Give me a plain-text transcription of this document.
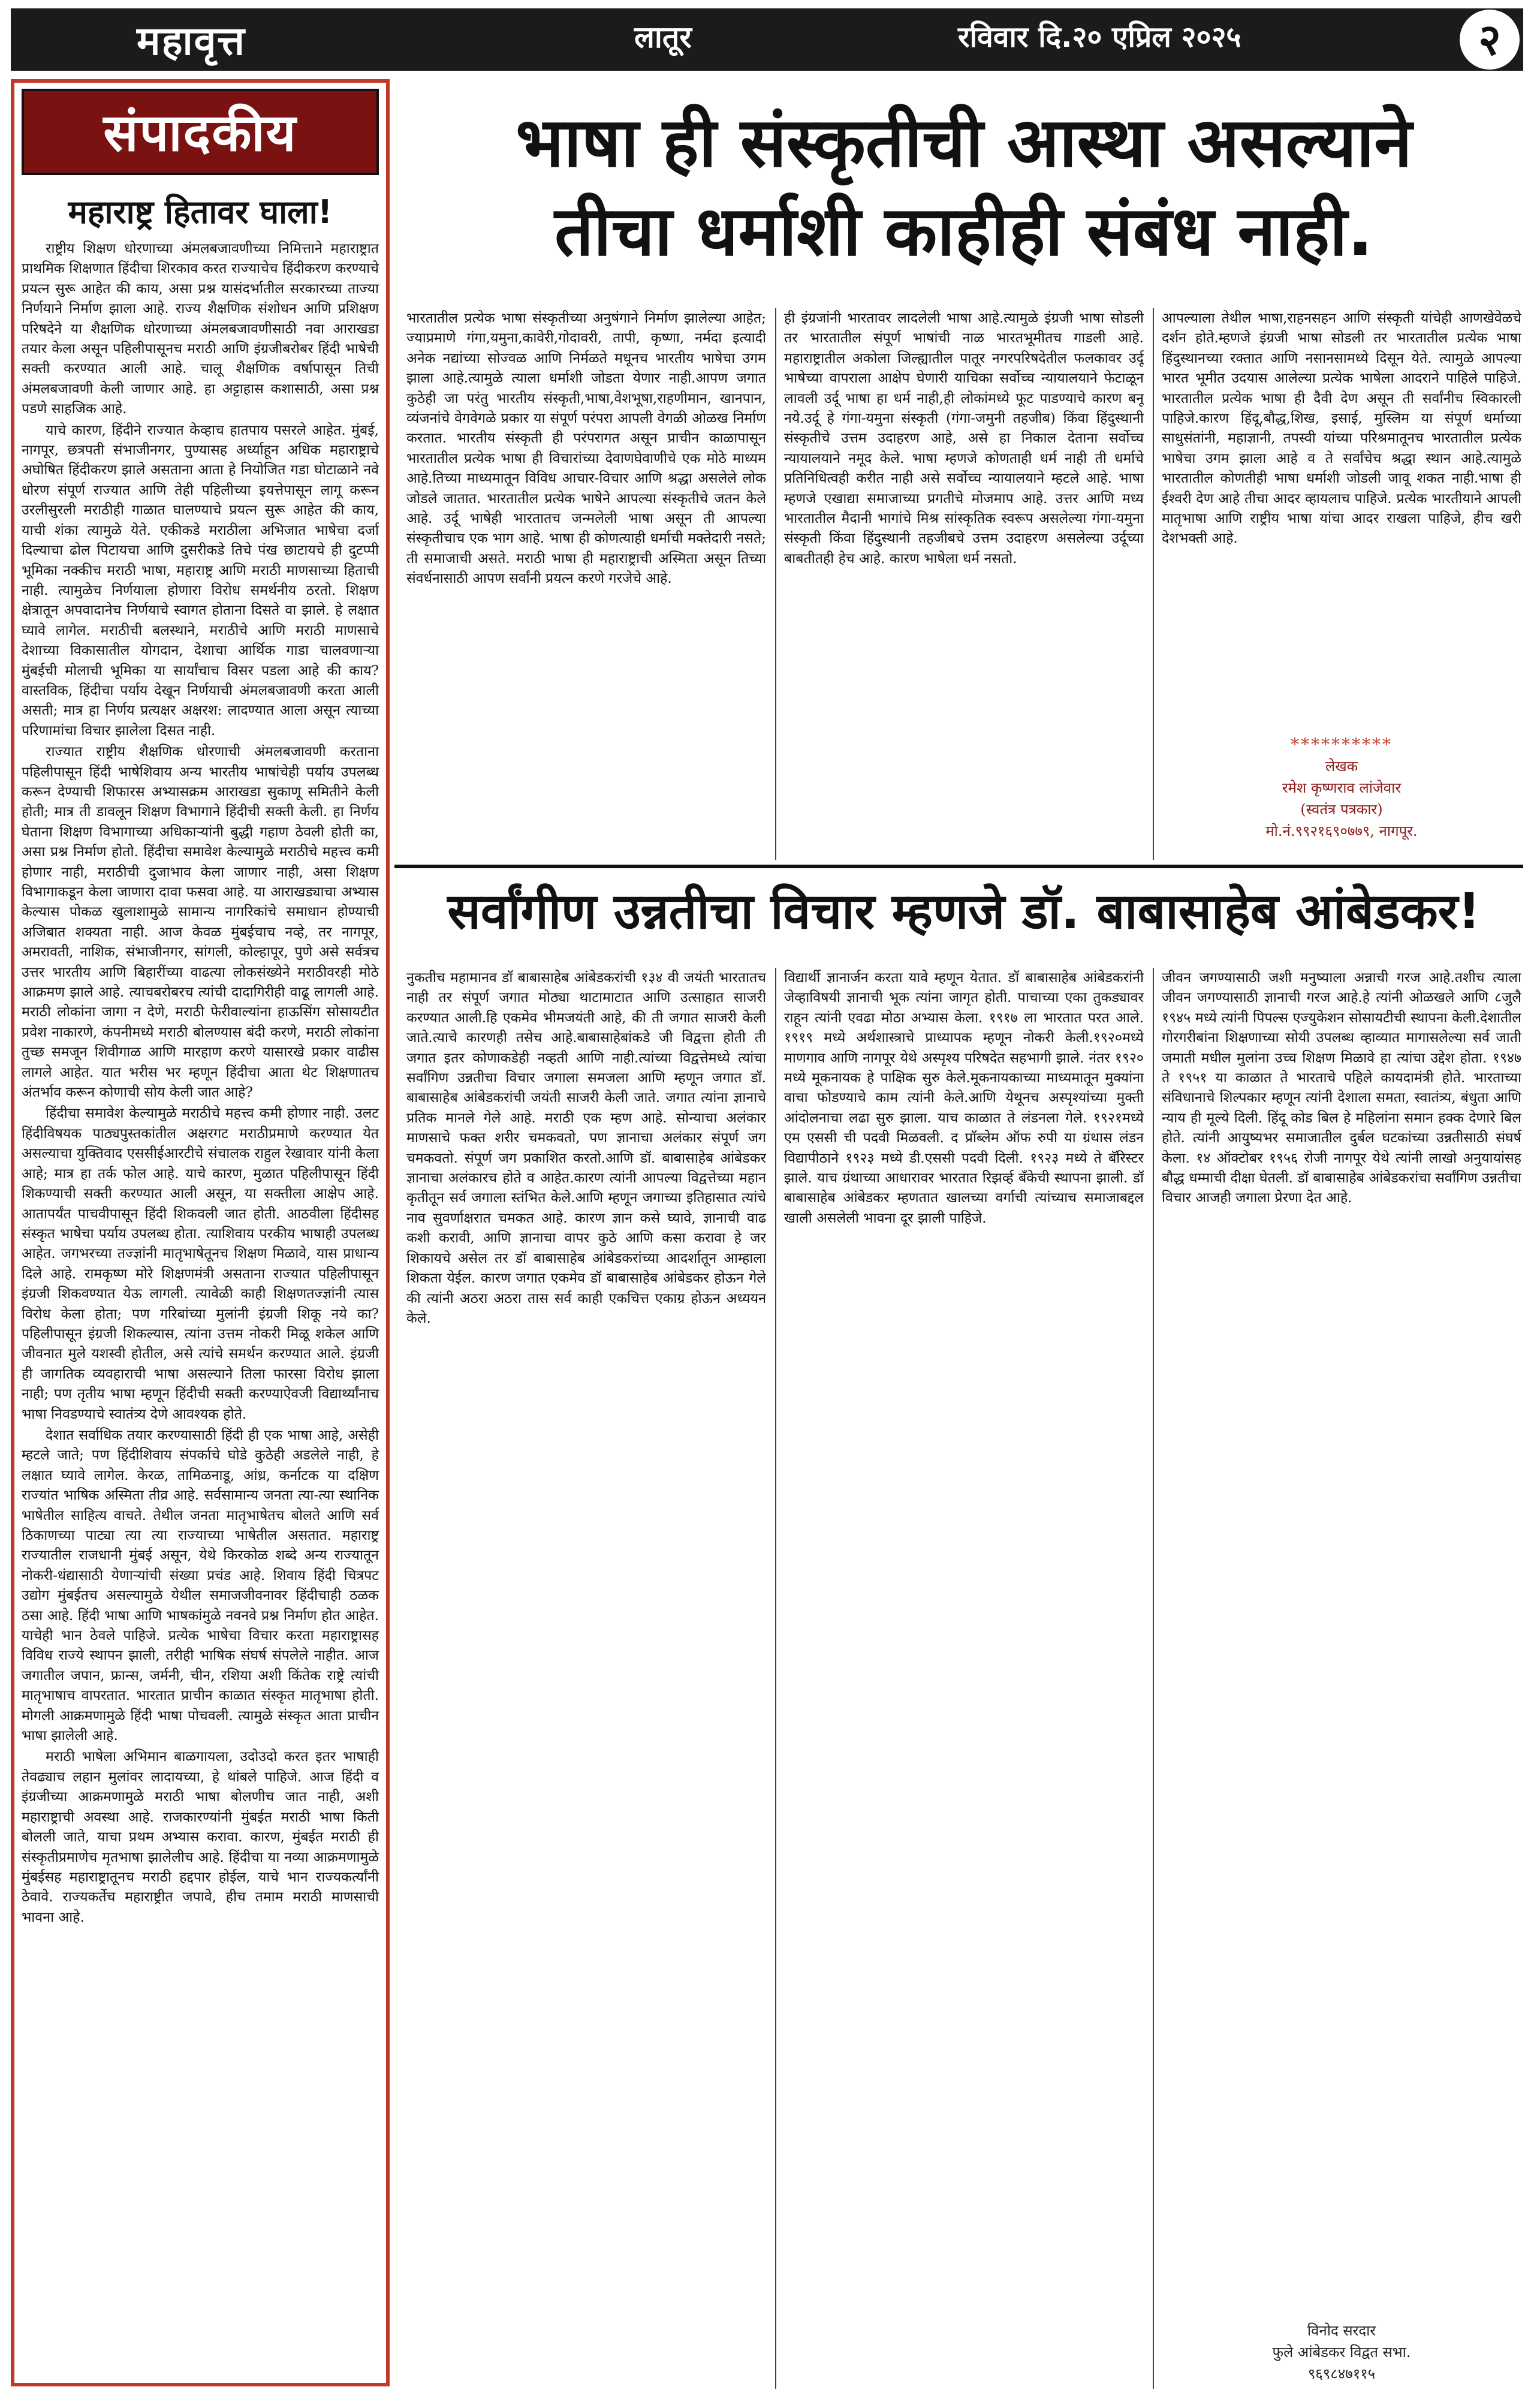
महावृत्त	लातूर	रविवार दि.२० एप्रिल २०२५	२
संपादकीय
महाराष्ट्र हितावर घाला!

राष्ट्रीय शिक्षण धोरणाच्या अंमलबजावणीच्या निमित्ताने महाराष्ट्रात प्राथमिक शिक्षणात हिंदीचा शिरकाव करत राज्याचेच हिंदीकरण करण्याचे प्रयत्न सुरू आहेत की काय, असा प्रश्न यासंदर्भातील सरकारच्या ताज्या निर्णयाने निर्माण झाला आहे. राज्य शैक्षणिक संशोधन आणि प्रशिक्षण परिषदेने या शैक्षणिक धोरणाच्या अंमलबजावणीसाठी नवा आराखडा तयार केला असून पहिलीपासूनच मराठी आणि इंग्रजीबरोबर हिंदी भाषेची सक्ती करण्यात आली आहे. चालू शैक्षणिक वर्षापासून तिची अंमलबजावणी केली जाणार आहे. हा अट्टाहास कशासाठी, असा प्रश्न पडणे साहजिक आहे.

याचे कारण, हिंदीने राज्यात केव्हाच हातपाय पसरले आहेत. मुंबई, नागपूर, छत्रपती संभाजीनगर, पुण्यासह अर्ध्याहून अधिक महाराष्ट्राचे अघोषित हिंदीकरण झाले असताना आता हे नियोजित गडा घोटाळाने नवे धोरण संपूर्ण राज्यात आणि तेही पहिलीच्या इयत्तेपासून लागू करून उरलीसुरली मराठीही गाळात घालण्याचे प्रयत्न सुरू आहेत की काय, याची शंका त्यामुळे येते. एकीकडे मराठीला अभिजात भाषेचा दर्जा दिल्याचा ढोल पिटायचा आणि दुसरीकडे तिचे पंख छाटायचे ही दुटप्पी भूमिका नक्कीच मराठी भाषा, महाराष्ट्र आणि मराठी माणसाच्या हिताची नाही. त्यामुळेच निर्णयाला होणारा विरोध समर्थनीय ठरतो. शिक्षण क्षेत्रातून अपवादानेच निर्णयाचे स्वागत होताना दिसते वा झाले. हे लक्षात घ्यावे लागेल. मराठीची बलस्थाने, मराठीचे आणि मराठी माणसाचे देशाच्या विकासातील योगदान, देशाचा आर्थिक गाडा चालवणाऱ्या मुंबईची मोलाची भूमिका या सार्यांचाच विसर पडला आहे की काय? वास्तविक, हिंदीचा पर्याय देखून निर्णयाची अंमलबजावणी करता आली असती; मात्र हा निर्णय प्रत्यक्षर अक्षरश: लादण्यात आला असून त्याच्या परिणामांचा विचार झालेला दिसत नाही.

राज्यात राष्ट्रीय शैक्षणिक धोरणाची अंमलबजावणी करताना पहिलीपासून हिंदी भाषेशिवाय अन्य भारतीय भाषांचेही पर्याय उपलब्ध करून देण्याची शिफारस अभ्यासक्रम आराखडा सुकाणू समितीने केली होती; मात्र ती डावलून शिक्षण विभागाने हिंदीची सक्ती केली. हा निर्णय घेताना शिक्षण विभागाच्या अधिकाऱ्यांनी बुद्धी गहाण ठेवली होती का, असा प्रश्न निर्माण होतो. हिंदीचा समावेश केल्यामुळे मराठीचे महत्त्व कमी होणार नाही, मराठीची दुजाभाव केला जाणार नाही, असा शिक्षण विभागाकडून केला जाणारा दावा फसवा आहे. या आराखड्याचा अभ्यास केल्यास पोकळ खुलाशामुळे सामान्य नागरिकांचे समाधान होण्याची अजिबात शक्यता नाही. आज केवळ मुंबईचाच नव्हे, तर नागपूर, अमरावती, नाशिक, संभाजीनगर, सांगली, कोल्हापूर, पुणे असे सर्वत्रच उत्तर भारतीय आणि बिहारींच्या वाढत्या लोकसंख्येने मराठीवरही मोठे आक्रमण झाले आहे. त्याचबरोबरच त्यांची दादागिरीही वाढू लागली आहे. मराठी लोकांना जागा न देणे, मराठी फेरीवाल्यांना हाऊसिंग सोसायटीत प्रवेश नाकारणे, कंपनीमध्ये मराठी बोलण्यास बंदी करणे, मराठी लोकांना तुच्छ समजून शिवीगाळ आणि मारहाण करणे यासारखे प्रकार वाढीस लागले आहेत. यात भरीस भर म्हणून हिंदीचा आता थेट शिक्षणातच अंतर्भाव करून कोणाची सोय केली जात आहे?

हिंदीचा समावेश केल्यामुळे मराठीचे महत्त्व कमी होणार नाही. उलट हिंदीविषयक पाठ्यपुस्तकांतील अक्षरगट मराठीप्रमाणे करण्यात येत असल्याचा युक्तिवाद एससीईआरटीचे संचालक राहुल रेखावार यांनी केला आहे; मात्र हा तर्क फोल आहे. याचे कारण, मुळात पहिलीपासून हिंदी शिकण्याची सक्ती करण्यात आली असून, या सक्तीला आक्षेप आहे. आतापर्यंत पाचवीपासून हिंदी शिकवली जात होती. आठवीला हिंदीसह संस्कृत भाषेचा पर्याय उपलब्ध होता. त्याशिवाय परकीय भाषाही उपलब्ध आहेत. जगभरच्या तज्ज्ञांनी मातृभाषेतूनच शिक्षण मिळावे, यास प्राधान्य दिले आहे. रामकृष्ण मोरे शिक्षणमंत्री असताना राज्यात पहिलीपासून इंग्रजी शिकवण्यात येऊ लागली. त्यावेळी काही शिक्षणतज्ज्ञांनी त्यास विरोध केला होता; पण गरिबांच्या मुलांनी इंग्रजी शिकू नये का? पहिलीपासून इंग्रजी शिकल्यास, त्यांना उत्तम नोकरी मिळू शकेल आणि जीवनात मुले यशस्वी होतील, असे त्यांचे समर्थन करण्यात आले. इंग्रजी ही जागतिक व्यवहाराची भाषा असल्याने तिला फारसा विरोध झाला नाही; पण तृतीय भाषा म्हणून हिंदीची सक्ती करण्याऐवजी विद्यार्थ्यांनाच भाषा निवडण्याचे स्वातंत्र्य देणे आवश्यक होते.

देशात सर्वाधिक तयार करण्यासाठी हिंदी ही एक भाषा आहे, असेही म्हटले जाते; पण हिंदीशिवाय संपर्काचे घोडे कुठेही अडलेले नाही, हे लक्षात घ्यावे लागेल. केरळ, तामिळनाडू, आंध्र, कर्नाटक या दक्षिण राज्यांत भाषिक अस्मिता तीव्र आहे. सर्वसामान्य जनता त्या-त्या स्थानिक भाषेतील साहित्य वाचते. तेथील जनता मातृभाषेतच बोलते आणि सर्व ठिकाणच्या पाट्या त्या त्या राज्याच्या भाषेतील असतात. महाराष्ट्र राज्यातील राजधानी मुंबई असून, येथे किरकोळ शब्दे अन्य राज्यातून नोकरी-धंद्यासाठी येणाऱ्यांची संख्या प्रचंड आहे. शिवाय हिंदी चित्रपट उद्योग मुंबईतच असल्यामुळे येथील समाजजीवनावर हिंदीचाही ठळक ठसा आहे. हिंदी भाषा आणि भाषकांमुळे नवनवे प्रश्न निर्माण होत आहेत. याचेही भान ठेवले पाहिजे. प्रत्येक भाषेचा विचार करता महाराष्ट्रासह विविध राज्ये स्थापन झाली, तरीही भाषिक संघर्ष संपलेले नाहीत. आज जगातील जपान, फ्रान्स, जर्मनी, चीन, रशिया अशी किंतेक राष्ट्रे त्यांची मातृभाषाच वापरतात. भारतात प्राचीन काळात संस्कृत मातृभाषा होती. मोगली आक्रमणामुळे हिंदी भाषा पोचवली. त्यामुळे संस्कृत आता प्राचीन भाषा झालेली आहे.

मराठी भाषेला अभिमान बाळगायला, उदोउदो करत इतर भाषाही तेवढ्याच लहान मुलांवर लादायच्या, हे थांबले पाहिजे. आज हिंदी व इंग्रजीच्या आक्रमणामुळे मराठी भाषा बोलणीच जात नाही, अशी महाराष्ट्राची अवस्था आहे. राजकारण्यांनी मुंबईत मराठी भाषा किती बोलली जाते, याचा प्रथम अभ्यास करावा. कारण, मुंबईत मराठी ही संस्कृतीप्रमाणेच मृतभाषा झालेलीच आहे. हिंदीचा या नव्या आक्रमणामुळे मुंबईसह महाराष्ट्रातूनच मराठी हद्दपार होईल, याचे भान राज्यकर्त्यांनी ठेवावे. राज्यकर्तेच महाराष्ट्रीत जपावे, हीच तमाम मराठी माणसाची भावना आहे.

भाषा ही संस्कृतीची आस्था असल्याने
तीचा धर्माशी काहीही संबंध नाही.
भारतातील प्रत्येक भाषा संस्कृतीच्या अनुषंगाने निर्माण झालेल्या आहेत; ज्याप्रमाणे गंगा,यमुना,कावेरी,गोदावरी, तापी, कृष्णा, नर्मदा इत्यादी अनेक नद्यांच्या सोज्वळ आणि निर्मळते मधूनच भारतीय भाषेचा उगम झाला आहे.त्यामुळे त्याला धर्माशी जोडता येणार नाही.आपण जगात कुठेही जा परंतु भारतीय संस्कृती,भाषा,वेशभूषा,राहणीमान, खानपान, व्यंजनांचे वेगवेगळे प्रकार या संपूर्ण परंपरा आपली वेगळी ओळख निर्माण करतात. भारतीय संस्कृती ही परंपरागत असून प्राचीन काळापासून भारतातील प्रत्येक भाषा ही विचारांच्या देवाणघेवाणीचे एक मोठे माध्यम आहे.तिच्या माध्यमातून विविध आचार-विचार आणि श्रद्धा असलेले लोक जोडले जातात. भारतातील प्रत्येक भाषेने आपल्या संस्कृतीचे जतन केले आहे. उर्दू भाषेही भारतातच जन्मलेली भाषा असून ती आपल्या संस्कृतीचाच एक भाग आहे. भाषा ही कोणत्याही धर्माची मक्तेदारी नसते; ती समाजाची असते. मराठी भाषा ही महाराष्ट्राची अस्मिता असून तिच्या संवर्धनासाठी आपण सर्वांनी प्रयत्न करणे गरजेचे आहे.
ही इंग्रजांनी भारतावर लादलेली भाषा आहे.त्यामुळे इंग्रजी भाषा सोडली तर भारतातील संपूर्ण भाषांची नाळ भारतभूमीतच गाडली आहे. महाराष्ट्रातील अकोला जिल्ह्यातील पातूर नगरपरिषदेतील फलकावर उर्दू भाषेच्या वापराला आक्षेप घेणारी याचिका सर्वोच्च न्यायालयाने फेटाळून लावली उर्दू भाषा हा धर्म नाही,ही लोकांमध्ये फूट पाडण्याचे कारण बनू नये.उर्दू हे गंगा-यमुना संस्कृती (गंगा-जमुनी तहजीब) किंवा हिंदुस्थानी संस्कृतीचे उत्तम उदाहरण आहे, असे हा निकाल देताना सर्वोच्च न्यायालयाने नमूद केले. भाषा म्हणजे कोणताही धर्म नाही ती धर्माचे प्रतिनिधित्वही करीत नाही असे सर्वोच्च न्यायालयाने म्हटले आहे. भाषा म्हणजे एखाद्या समाजाच्या प्रगतीचे मोजमाप आहे. उत्तर आणि मध्य भारतातील मैदानी भागांचे मिश्र सांस्कृतिक स्वरूप असलेल्या गंगा-यमुना संस्कृती किंवा हिंदुस्थानी तहजीबचे उत्तम उदाहरण असलेल्या उर्दूच्या बाबतीतही हेच आहे. कारण भाषेला धर्म नसतो.
आपल्याला तेथील भाषा,राहनसहन आणि संस्कृती यांचेही आणखेवेळचे दर्शन होते.म्हणजे इंग्रजी भाषा सोडली तर भारतातील प्रत्येक भाषा हिंदुस्थानच्या रक्तात आणि नसानसामध्ये दिसून येते. त्यामुळे आपल्या भारत भूमीत उदयास आलेल्या प्रत्येक भाषेला आदराने पाहिले पाहिजे. भारतातील प्रत्येक भाषा ही दैवी देण असून ती सर्वांनीच स्विकारली पाहिजे.कारण हिंदू,बौद्ध,शिख, इसाई, मुस्लिम या संपूर्ण धर्माच्या साधुसंतांनी, महाज्ञानी, तपस्वी यांच्या परिश्रमातूनच भारतातील प्रत्येक भाषेचा उगम झाला आहे व ते सर्वांचेच श्रद्धा स्थान आहे.त्यामुळे भारतातील कोणतीही भाषा धर्माशी जोडली जावू शकत नाही.भाषा ही ईश्वरी देण आहे तीचा आदर व्हायलाच पाहिजे. प्रत्येक भारतीयाने आपली मातृभाषा आणि राष्ट्रीय भाषा यांचा आदर राखला पाहिजे, हीच खरी देशभक्ती आहे.
**********
लेखक
रमेश कृष्णराव लांजेवार
(स्वतंत्र पत्रकार)
मो.नं.९९२१६९०७७९, नागपूर.
सर्वांगीण उन्नतीचा विचार म्हणजे डॉ. बाबासाहेब आंबेडकर!
नुकतीच महामानव डॉ बाबासाहेब आंबेडकरांची १३४ वी जयंती भारतातच नाही तर संपूर्ण जगात मोठ्या थाटामाटात आणि उत्साहात साजरी करण्यात आली.हि एकमेव भीमजयंती आहे, की ती जगात साजरी केली जाते.त्याचे कारणही तसेच आहे.बाबासाहेबांकडे जी विद्वत्ता होती ती जगात इतर कोणाकडेही नव्हती आणि नाही.त्यांच्या विद्वत्तेमध्ये त्यांचा सर्वांगिण उन्नतीचा विचार जगाला समजला आणि म्हणून जगात डॉ. बाबासाहेब आंबेडकरांची जयंती साजरी केली जाते. जगात त्यांना ज्ञानाचे प्रतिक मानले गेले आहे. मराठी एक म्हण आहे. सोन्याचा अलंकार माणसाचे फक्त शरीर चमकवतो, पण ज्ञानाचा अलंकार संपूर्ण जग चमकवतो. संपूर्ण जग प्रकाशित करतो.आणि डॉ. बाबासाहेब आंबेडकर ज्ञानाचा अलंकारच होते व आहेत.कारण त्यांनी आपल्या विद्वत्तेच्या महान कृतीतून सर्व जगाला स्तंभित केले.आणि म्हणून जगाच्या इतिहासात त्यांचे नाव सुवर्णाक्षरात चमकत आहे. कारण ज्ञान कसे घ्यावे, ज्ञानाची वाढ कशी करावी, आणि ज्ञानाचा वापर कुठे आणि कसा करावा हे जर शिकायचे असेल तर डॉ बाबासाहेब आंबेडकरांच्या आदर्शातून आम्हाला शिकता येईल. कारण जगात एकमेव डॉ बाबासाहेब आंबेडकर होऊन गेले की त्यांनी अठरा अठरा तास सर्व काही एकचित्त एकाग्र होऊन अध्ययन केले.
विद्यार्थी ज्ञानार्जन करता यावे म्हणून येतात. डॉ बाबासाहेब आंबेडकरांनी जेव्हाविषयी ज्ञानाची भूक त्यांना जागृत होती. पाचाच्या एका तुकड्यावर राहून त्यांनी एवढा मोठा अभ्यास केला. १९१७ ला भारतात परत आले. १९१९ मध्ये अर्थशास्त्राचे प्राध्यापक म्हणून नोकरी केली.१९२०मध्ये माणगाव आणि नागपूर येथे अस्पृश्य परिषदेत सहभागी झाले. नंतर १९२० मध्ये मूकनायक हे पाक्षिक सुरु केले.मूकनायकाच्या माध्यमातून मुक्यांना वाचा फोडण्याचे काम त्यांनी केले.आणि येथूनच अस्पृश्यांच्या मुक्ती आंदोलनाचा लढा सुरु झाला. याच काळात ते लंडनला गेले. १९२१मध्ये एम एससी ची पदवी मिळवली. द प्रॉब्लेम ऑफ रुपी या ग्रंथास लंडन विद्यापीठाने १९२३ मध्ये डी.एससी पदवी दिली. १९२३ मध्ये ते बॅरिस्टर झाले. याच ग्रंथाच्या आधारावर भारतात रिझर्व्ह बँकेची स्थापना झाली. डॉ बाबासाहेब आंबेडकर म्हणतात खालच्या वर्गाची त्यांच्याच समाजाबद्दल खाली असलेली भावना दूर झाली पाहिजे.
जीवन जगण्यासाठी जशी मनुष्याला अन्नाची गरज आहे.तशीच त्याला जीवन जगण्यासाठी ज्ञानाची गरज आहे.हे त्यांनी ओळखले आणि ८जुलै १९४५ मध्ये त्यांनी पिपल्स एज्युकेशन सोसायटीची स्थापना केली.देशातील गोरगरीबांना शिक्षणाच्या सोयी उपलब्ध व्हाव्यात मागासलेल्या सर्व जाती जमाती मधील मुलांना उच्च शिक्षण मिळावे हा त्यांचा उद्देश होता. १९४७ ते १९५१ या काळात ते भारताचे पहिले कायदामंत्री होते. भारताच्या संविधानाचे शिल्पकार म्हणून त्यांनी देशाला समता, स्वातंत्र्य, बंधुता आणि न्याय ही मूल्ये दिली. हिंदू कोड बिल हे महिलांना समान हक्क देणारे बिल होते. त्यांनी आयुष्यभर समाजातील दुर्बल घटकांच्या उन्नतीसाठी संघर्ष केला. १४ ऑक्टोबर १९५६ रोजी नागपूर येथे त्यांनी लाखो अनुयायांसह बौद्ध धम्माची दीक्षा घेतली. डॉ बाबासाहेब आंबेडकरांचा सर्वांगिण उन्नतीचा विचार आजही जगाला प्रेरणा देत आहे.
विनोद सरदार
फुले आंबेडकर विद्वत सभा.
९६९८४७११५
